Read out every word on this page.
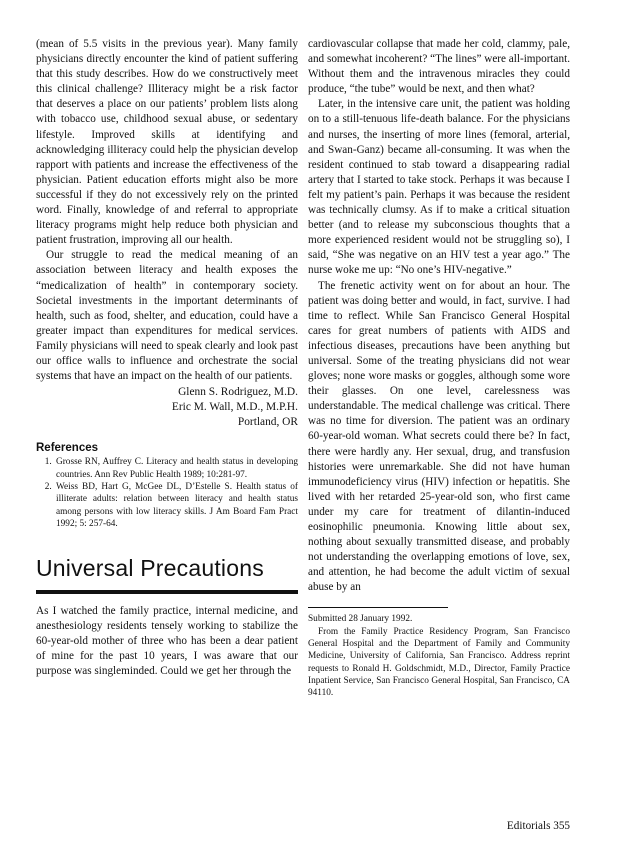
(mean of 5.5 visits in the previous year). Many family physicians directly encounter the kind of patient suffering that this study describes. How do we constructively meet this clinical challenge? Illiteracy might be a risk factor that deserves a place on our patients’ problem lists along with tobacco use, childhood sexual abuse, or sedentary lifestyle. Improved skills at identifying and acknowledging illiteracy could help the physician develop rapport with patients and increase the effectiveness of the physician. Patient education efforts might also be more successful if they do not excessively rely on the printed word. Finally, knowledge of and referral to appropriate literacy programs might help reduce both physician and patient frustration, improving all our health.

Our struggle to read the medical meaning of an association between literacy and health exposes the “medicalization of health” in contemporary society. Societal investments in the important determinants of health, such as food, shelter, and education, could have a greater impact than expenditures for medical services. Family physicians will need to speak clearly and look past our office walls to influence and orchestrate the social systems that have an impact on the health of our patients.

Glenn S. Rodriguez, M.D.
Eric M. Wall, M.D., M.P.H.
Portland, OR
References
1. Grosse RN, Auffrey C. Literacy and health status in developing countries. Ann Rev Public Health 1989; 10:281-97.
2. Weiss BD, Hart G, McGee DL, D’Estelle S. Health status of illiterate adults: relation between literacy and health status among persons with low literacy skills. J Am Board Fam Pract 1992; 5: 257-64.
Universal Precautions

As I watched the family practice, internal medicine, and anesthesiology residents tensely working to stabilize the 60-year-old mother of three who has been a dear patient of mine for the past 10 years, I was aware that our purpose was singleminded. Could we get her through the

cardiovascular collapse that made her cold, clammy, pale, and somewhat incoherent? “The lines” were all-important. Without them and the intravenous miracles they could produce, “the tube” would be next, and then what?

Later, in the intensive care unit, the patient was holding on to a still-tenuous life-death balance. For the physicians and nurses, the inserting of more lines (femoral, arterial, and Swan-Ganz) became all-consuming. It was when the resident continued to stab toward a disappearing radial artery that I started to take stock. Perhaps it was because I felt my patient’s pain. Perhaps it was because the resident was technically clumsy. As if to make a critical situation better (and to release my subconscious thoughts that a more experienced resident would not be struggling so), I said, “She was negative on an HIV test a year ago.” The nurse woke me up: “No one’s HIV-negative.”

The frenetic activity went on for about an hour. The patient was doing better and would, in fact, survive. I had time to reflect. While San Francisco General Hospital cares for great numbers of patients with AIDS and infectious diseases, precautions have been anything but universal. Some of the treating physicians did not wear gloves; none wore masks or goggles, although some wore their glasses. On one level, carelessness was understandable. The medical challenge was critical. There was no time for diversion. The patient was an ordinary 60-year-old woman. What secrets could there be? In fact, there were hardly any. Her sexual, drug, and transfusion histories were unremarkable. She did not have human immunodeficiency virus (HIV) infection or hepatitis. She lived with her retarded 25-year-old son, who first came under my care for treatment of dilantin-induced eosinophilic pneumonia. Knowing little about sex, nothing about sexually transmitted disease, and probably not understanding the overlapping emotions of love, sex, and attention, he had become the adult victim of sexual abuse by an

Submitted 28 January 1992.
From the Family Practice Residency Program, San Francisco General Hospital and the Department of Family and Community Medicine, University of California, San Francisco. Address reprint requests to Ronald H. Goldschmidt, M.D., Director, Family Practice Inpatient Service, San Francisco General Hospital, San Francisco, CA 94110.
Editorials 355
